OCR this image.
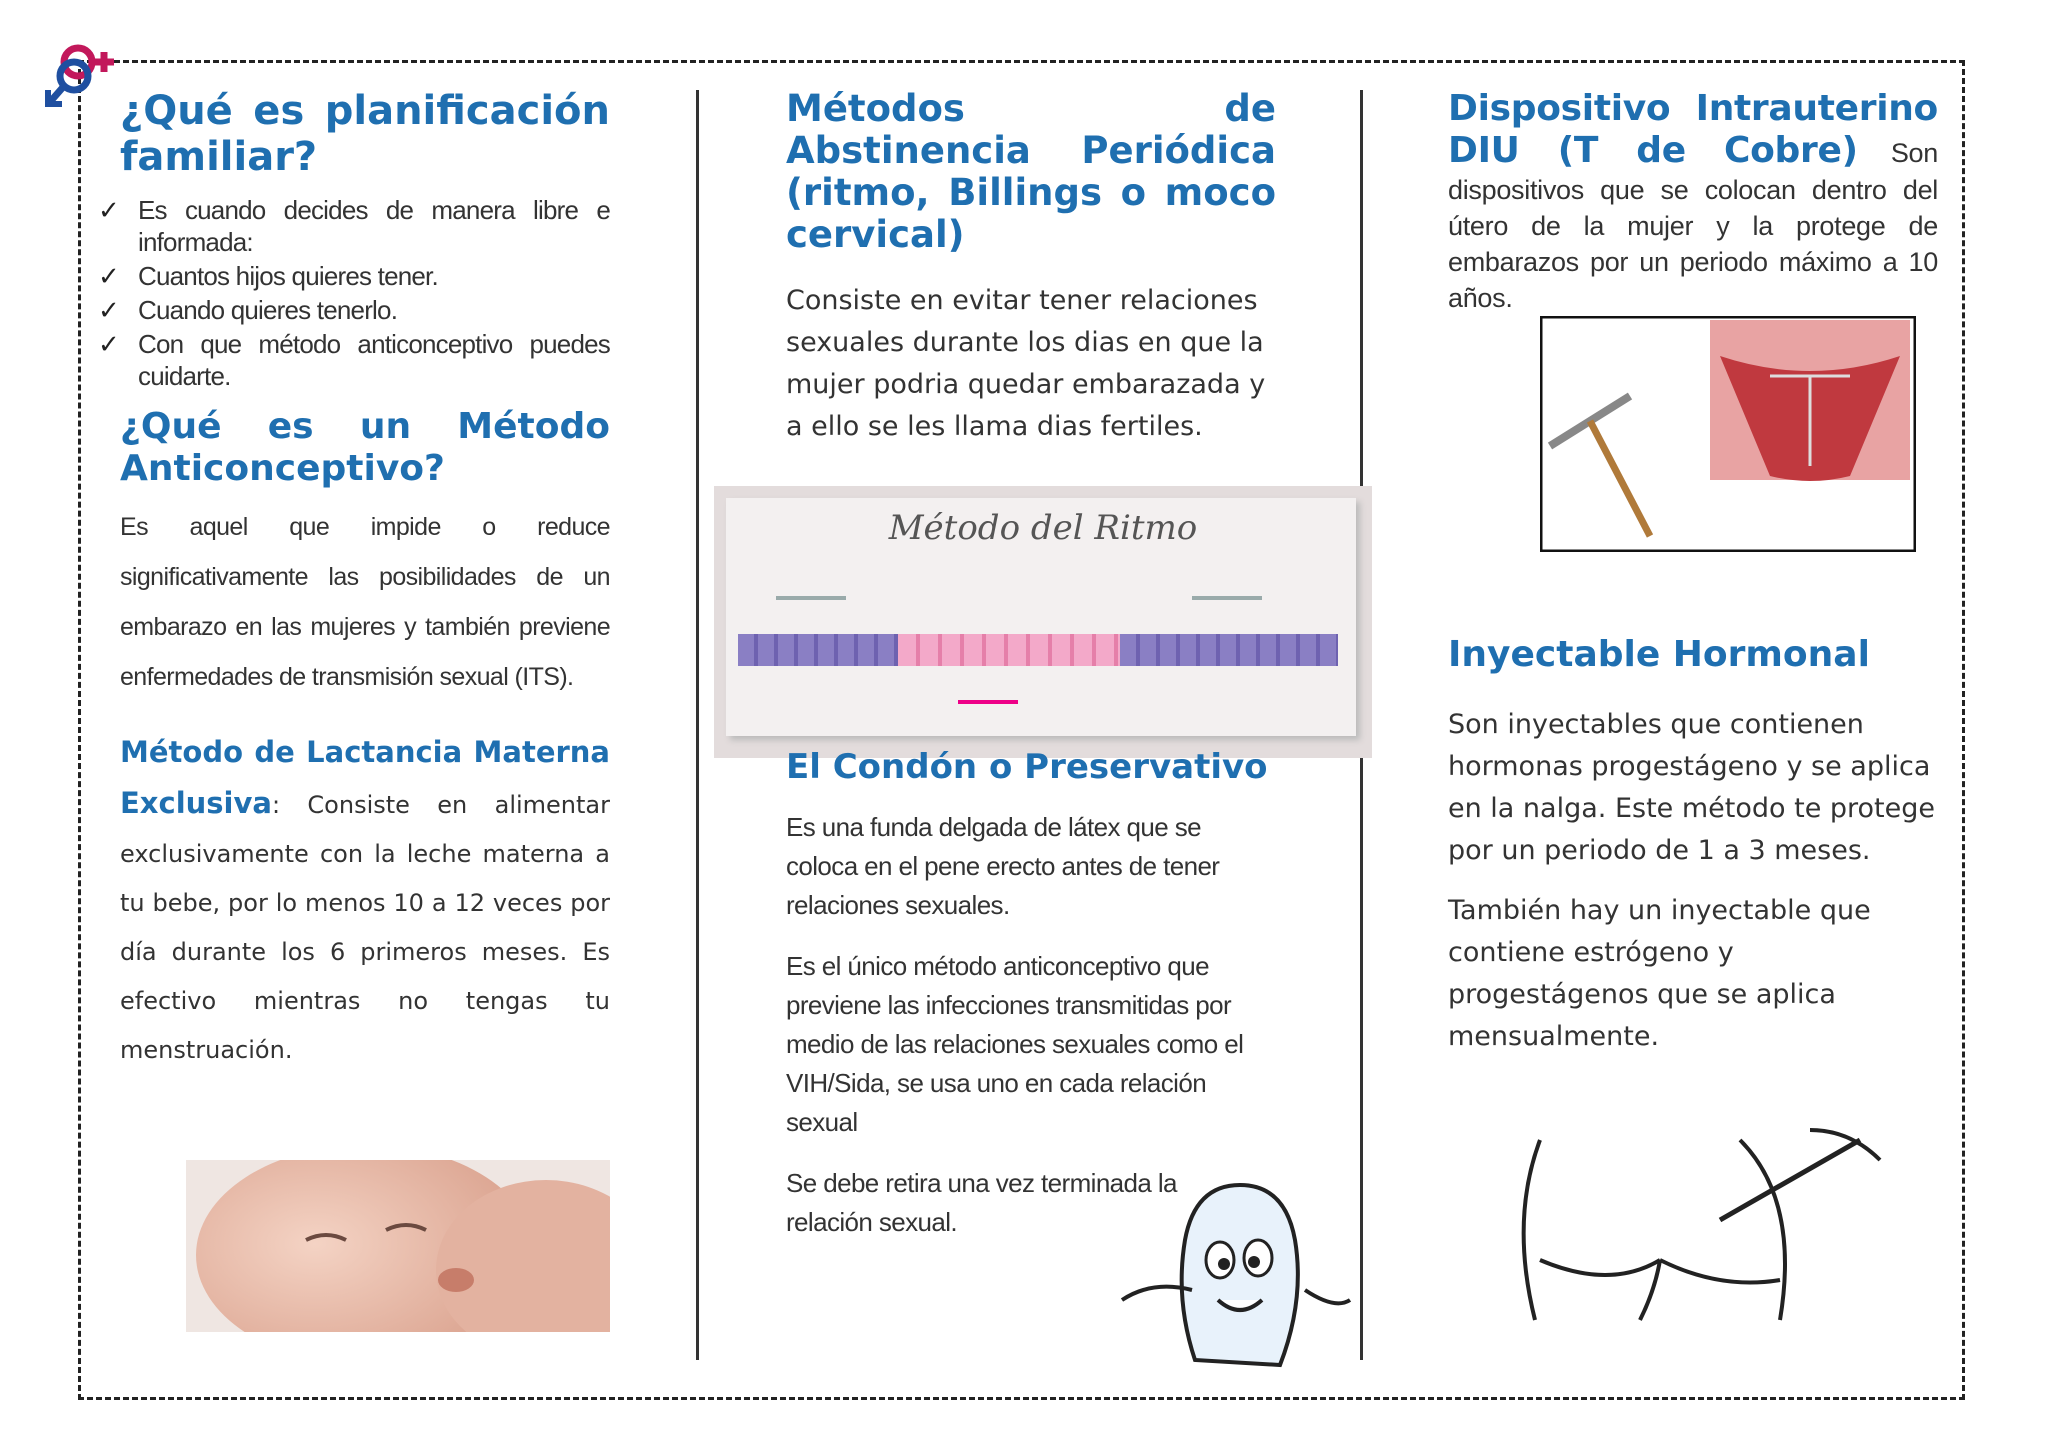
¿Qué es planificación familiar?
✓ Es cuando decides de manera libre e informada:
✓ Cuantos hijos quieres tener.
✓ Cuando quieres tenerlo.
✓ Con que método anticonceptivo puedes cuidarte.
¿Qué es un Método Anticonceptivo?

Es aquel que impide o reduce significativamente las posibilidades de un embarazo en las mujeres y también previene enfermedades de transmisión sexual (ITS).

Método de Lactancia Materna Exclusiva: Consiste en alimentar exclusivamente con la leche materna a tu bebe, por lo menos 10 a 12 veces por día durante los 6 primeros meses. Es efectivo mientras no tengas tu menstruación.

Métodos de Abstinencia Periódica (ritmo, Billings o moco cervical)

Consiste en evitar tener relaciones sexuales durante los dias en que la mujer podria quedar embarazada y a ello se les llama dias fertiles.

Método del Ritmo
El Condón o Preservativo

Es una funda delgada de látex que se coloca en el pene erecto antes de tener relaciones sexuales.

Es el único método anticonceptivo que previene las infecciones transmitidas por medio de las relaciones sexuales como el VIH/Sida, se usa uno en cada relación sexual

Se debe retira una vez terminada la relación sexual.

Dispositivo Intrauterino DIU (T de Cobre) Son dispositivos que se colocan dentro del útero de la mujer y la protege de embarazos por un periodo máximo a 10 años.

Inyectable Hormonal

Son inyectables que contienen hormonas progestágeno y se aplica en la nalga. Este método te protege por un periodo de 1 a 3 meses.

También hay un inyectable que contiene estrógeno y progestágenos que se aplica mensualmente.
